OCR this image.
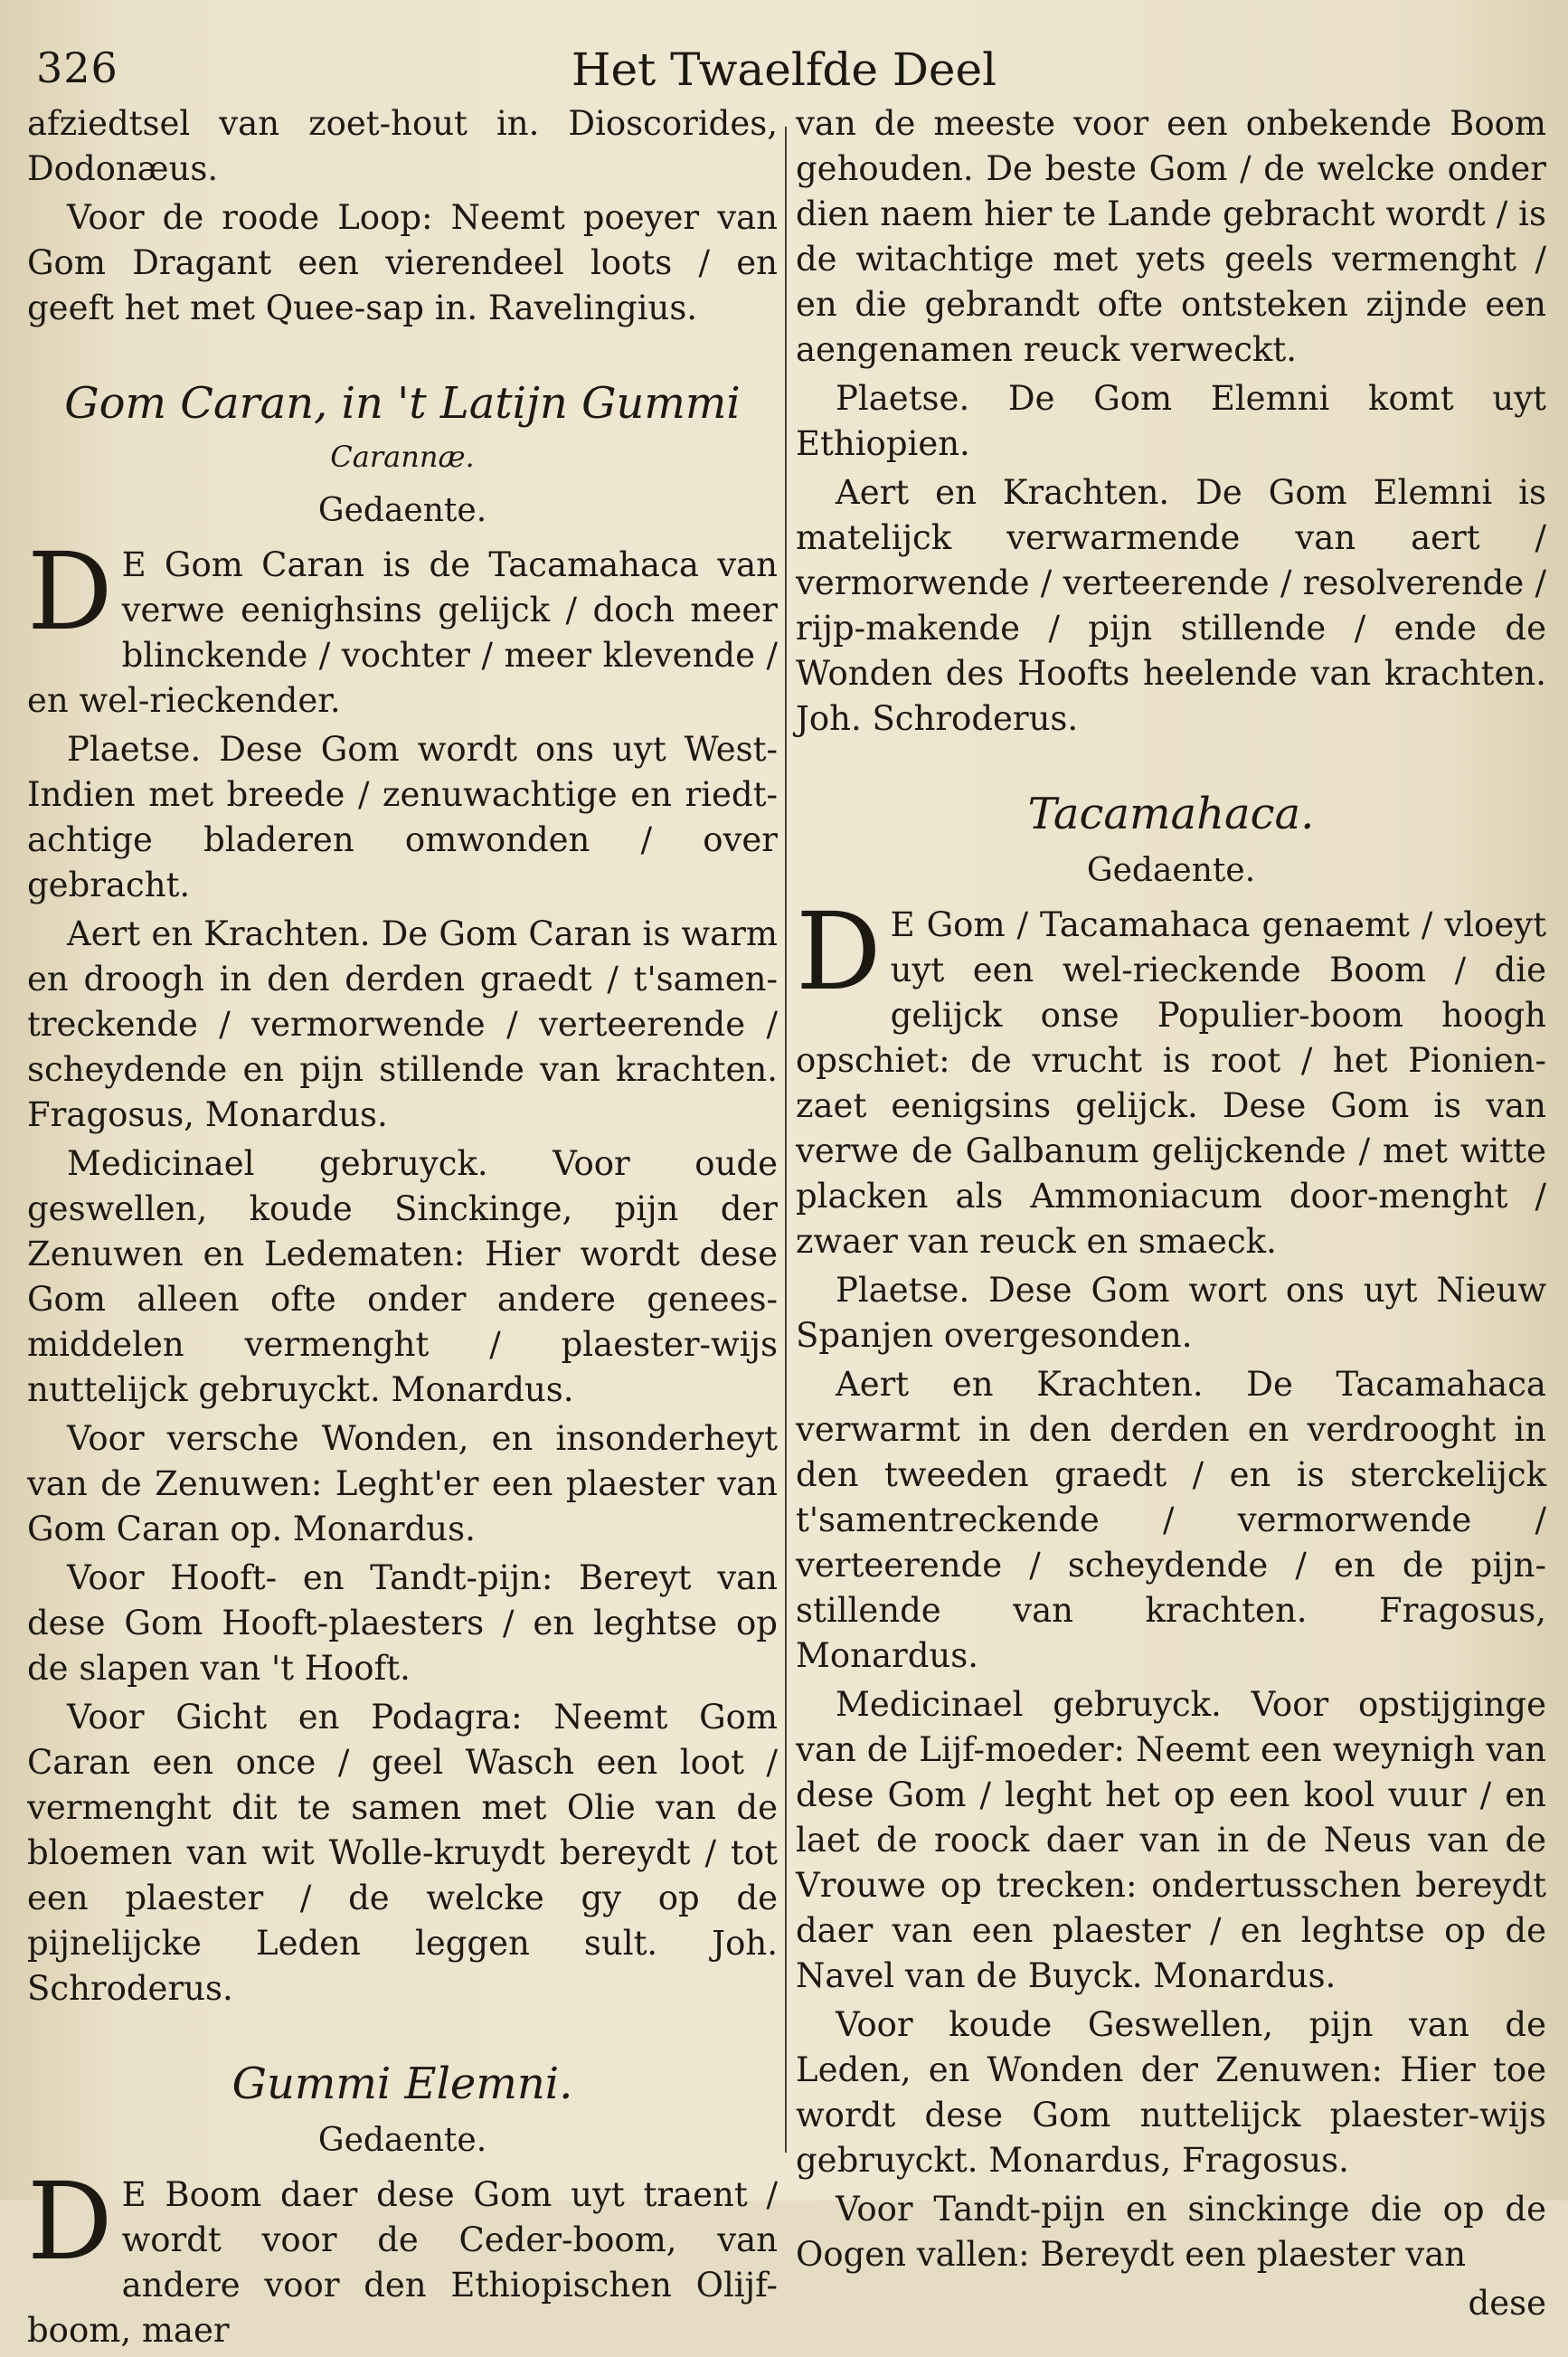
326	Het Twaelfde Deel

afziedtsel van zoet-hout in. Dioscorides, Dodonæus.

Voor de roode Loop: Neemt poeyer van Gom Dragant een vierendeel loots / en geeft het met Quee-sap in. Ravelingius.

Gom Caran, in 't Latijn Gummi
Carannæ.
Gedaente.

D E Gom Caran is de Tacamahaca van verwe eenighsins gelijck / doch meer blinckende / vochter / meer klevende / en wel-rieckender.

Plaetse. Dese Gom wordt ons uyt West-Indien met breede / zenuwachtige en riedt-achtige bladeren omwonden / over gebracht.

Aert en Krachten. De Gom Caran is warm en droogh in den derden graedt / t'samen-treckende / vermorwende / verteerende / scheydende en pijn stillende van krachten. Fragosus, Monardus.

Medicinael gebruyck. Voor oude geswellen, koude Sinckinge, pijn der Zenuwen en Ledematen: Hier wordt dese Gom alleen ofte onder andere genees-middelen vermenght / plaester-wijs nuttelijck gebruyckt. Monardus.

Voor versche Wonden, en insonderheyt van de Zenuwen: Leght'er een plaester van Gom Caran op. Monardus.

Voor Hooft- en Tandt-pijn: Bereyt van dese Gom Hooft-plaesters / en leghtse op de slapen van 't Hooft.

Voor Gicht en Podagra: Neemt Gom Caran een once / geel Wasch een loot / vermenght dit te samen met Olie van de bloemen van wit Wolle-kruydt bereydt / tot een plaester / de welcke gy op de pijnelijcke Leden leggen sult. Joh. Schroderus.

Gummi Elemni.
Gedaente.

D E Boom daer dese Gom uyt traent / wordt voor de Ceder-boom, van andere voor den Ethiopischen Olijf-boom, maer

van de meeste voor een onbekende Boom gehouden. De beste Gom / de welcke onder dien naem hier te Lande gebracht wordt / is de witachtige met yets geels vermenght / en die gebrandt ofte ontsteken zijnde een aengenamen reuck verweckt.

Plaetse. De Gom Elemni komt uyt Ethiopien.

Aert en Krachten. De Gom Elemni is matelijck verwarmende van aert / vermorwende / verteerende / resolverende / rijp-makende / pijn stillende / ende de Wonden des Hoofts heelende van krachten. Joh. Schroderus.

Tacamahaca.
Gedaente.

D E Gom / Tacamahaca genaemt / vloeyt uyt een wel-rieckende Boom / die gelijck onse Populier-boom hoogh opschiet: de vrucht is root / het Pionien-zaet eenigsins gelijck. Dese Gom is van verwe de Galbanum gelijckende / met witte placken als Ammoniacum door-menght / zwaer van reuck en smaeck.

Plaetse. Dese Gom wort ons uyt Nieuw Spanjen overgesonden.

Aert en Krachten. De Tacamahaca verwarmt in den derden en verdrooght in den tweeden graedt / en is sterckelijck t'samentreckende / vermorwende / verteerende / scheydende / en de pijn-stillende van krachten. Fragosus, Monardus.

Medicinael gebruyck. Voor opstijginge van de Lijf-moeder: Neemt een weynigh van dese Gom / leght het op een kool vuur / en laet de roock daer van in de Neus van de Vrouwe op trecken: ondertusschen bereydt daer van een plaester / en leghtse op de Navel van de Buyck. Monardus.

Voor koude Geswellen, pijn van de Leden, en Wonden der Zenuwen: Hier toe wordt dese Gom nuttelijck plaester-wijs gebruyckt. Monardus, Fragosus.

Voor Tandt-pijn en sinckinge die op de Oogen vallen: Bereydt een plaester van

dese
